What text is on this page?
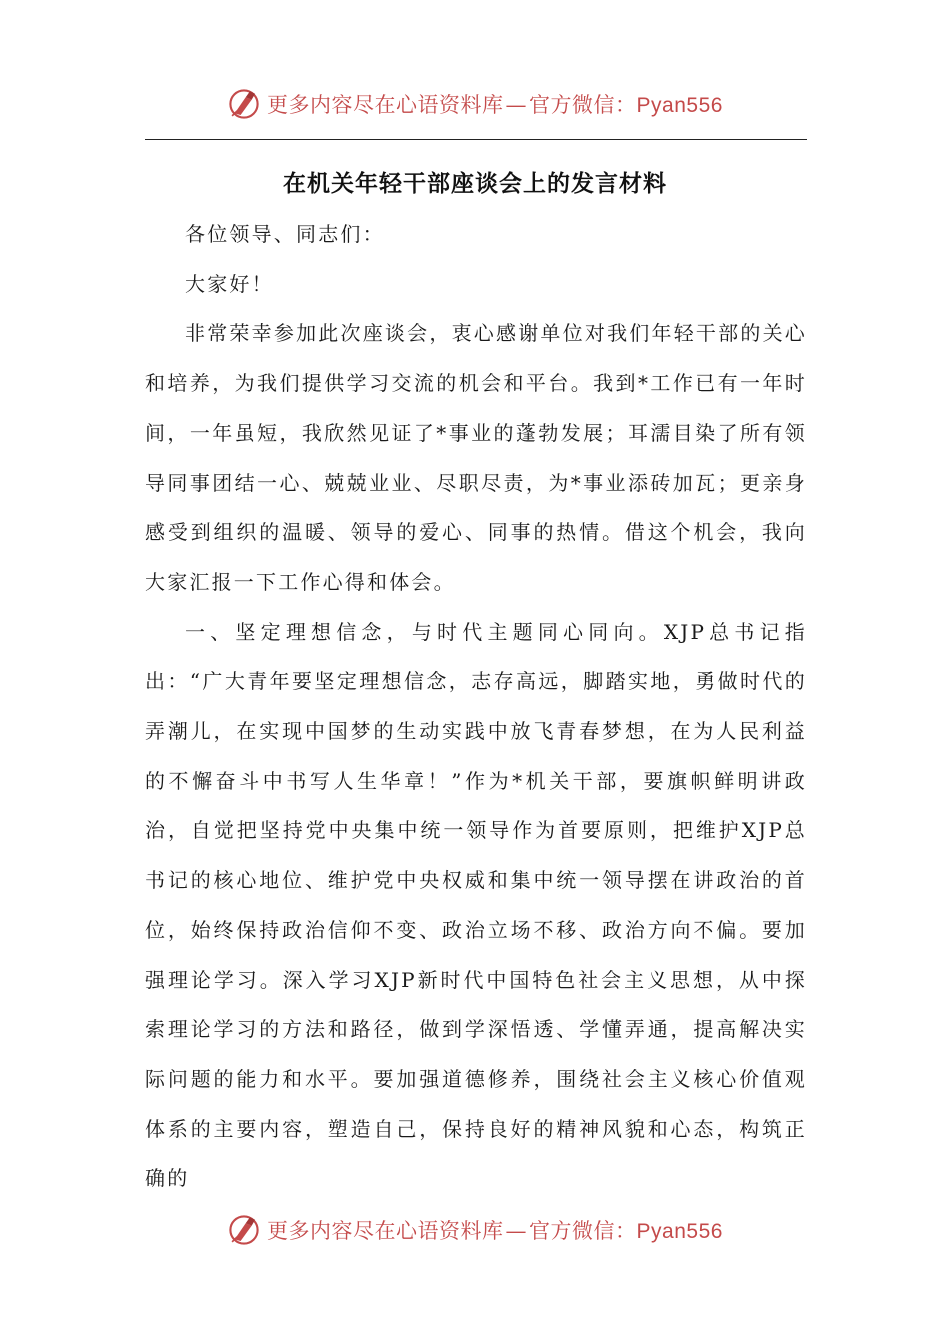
更多内容尽在心语资料库—官方微信：Pyan556
在机关年轻干部座谈会上的发言材料

各位领导、同志们：

大家好！

非常荣幸参加此次座谈会，衷心感谢单位对我们年轻干部的关心和培养，为我们提供学习交流的机会和平台。我到*工作已有一年时间，一年虽短，我欣然见证了*事业的蓬勃发展；耳濡目染了所有领导同事团结一心、兢兢业业、尽职尽责，为*事业添砖加瓦；更亲身感受到组织的温暖、领导的爱心、同事的热情。借这个机会，我向大家汇报一下工作心得和体会。

一、坚定理想信念，与时代主题同心同向。XJP总书记指出：“广大青年要坚定理想信念，志存高远，脚踏实地，勇做时代的弄潮儿，在实现中国梦的生动实践中放飞青春梦想，在为人民利益的不懈奋斗中书写人生华章！”作为*机关干部，要旗帜鲜明讲政治，自觉把坚持党中央集中统一领导作为首要原则，把维护XJP总书记的核心地位、维护党中央权威和集中统一领导摆在讲政治的首位，始终保持政治信仰不变、政治立场不移、政治方向不偏。要加强理论学习。深入学习XJP新时代中国特色社会主义思想，从中探索理论学习的方法和路径，做到学深悟透、学懂弄通，提高解决实际问题的能力和水平。要加强道德修养，围绕社会主义核心价值观体系的主要内容，塑造自己，保持良好的精神风貌和心态，构筑正确的

更多内容尽在心语资料库—官方微信：Pyan556
